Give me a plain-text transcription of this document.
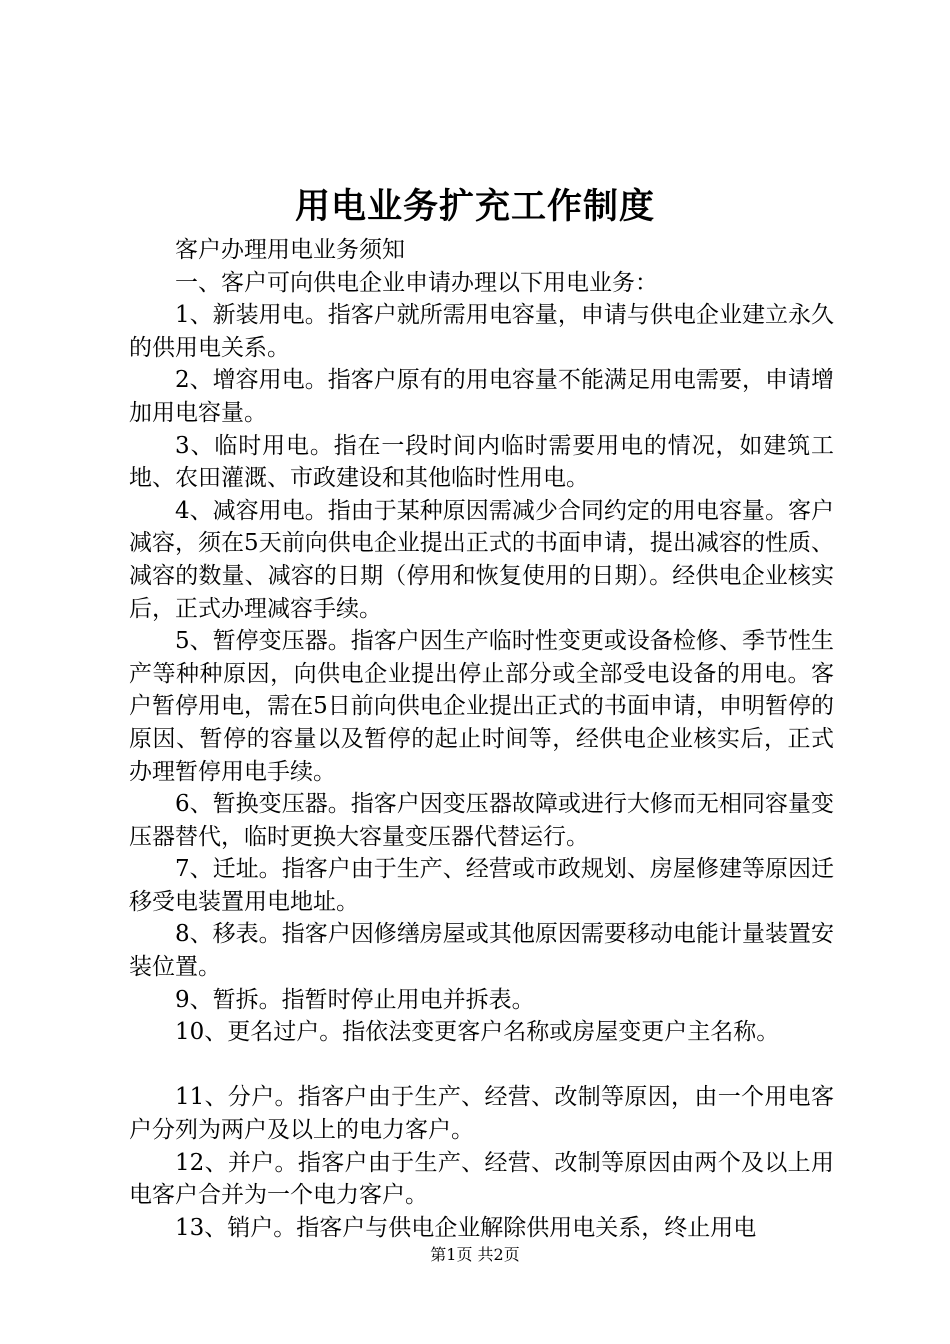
用电业务扩充工作制度

客户办理用电业务须知

一、客户可向供电企业申请办理以下用电业务：

1、新装用电。指客户就所需用电容量，申请与供电企业建立永久的供用电关系。

2、增容用电。指客户原有的用电容量不能满足用电需要，申请增加用电容量。

3、临时用电。指在一段时间内临时需要用电的情况，如建筑工地、农田灌溉、市政建设和其他临时性用电。

4、减容用电。指由于某种原因需减少合同约定的用电容量。客户减容，须在5天前向供电企业提出正式的书面申请，提出减容的性质、减容的数量、减容的日期（停用和恢复使用的日期）。经供电企业核实后，正式办理减容手续。

5、暂停变压器。指客户因生产临时性变更或设备检修、季节性生产等种种原因，向供电企业提出停止部分或全部受电设备的用电。客户暂停用电，需在5日前向供电企业提出正式的书面申请，申明暂停的原因、暂停的容量以及暂停的起止时间等，经供电企业核实后，正式办理暂停用电手续。

6、暂换变压器。指客户因变压器故障或进行大修而无相同容量变压器替代，临时更换大容量变压器代替运行。

7、迁址。指客户由于生产、经营或市政规划、房屋修建等原因迁移受电装置用电地址。

8、移表。指客户因修缮房屋或其他原因需要移动电能计量装置安装位置。

9、暂拆。指暂时停止用电并拆表。

10、更名过户。指依法变更客户名称或房屋变更户主名称。

11、分户。指客户由于生产、经营、改制等原因，由一个用电客户分列为两户及以上的电力客户。

12、并户。指客户由于生产、经营、改制等原因由两个及以上用电客户合并为一个电力客户。

13、销户。指客户与供电企业解除供用电关系，终止用电

第1页 共2页
